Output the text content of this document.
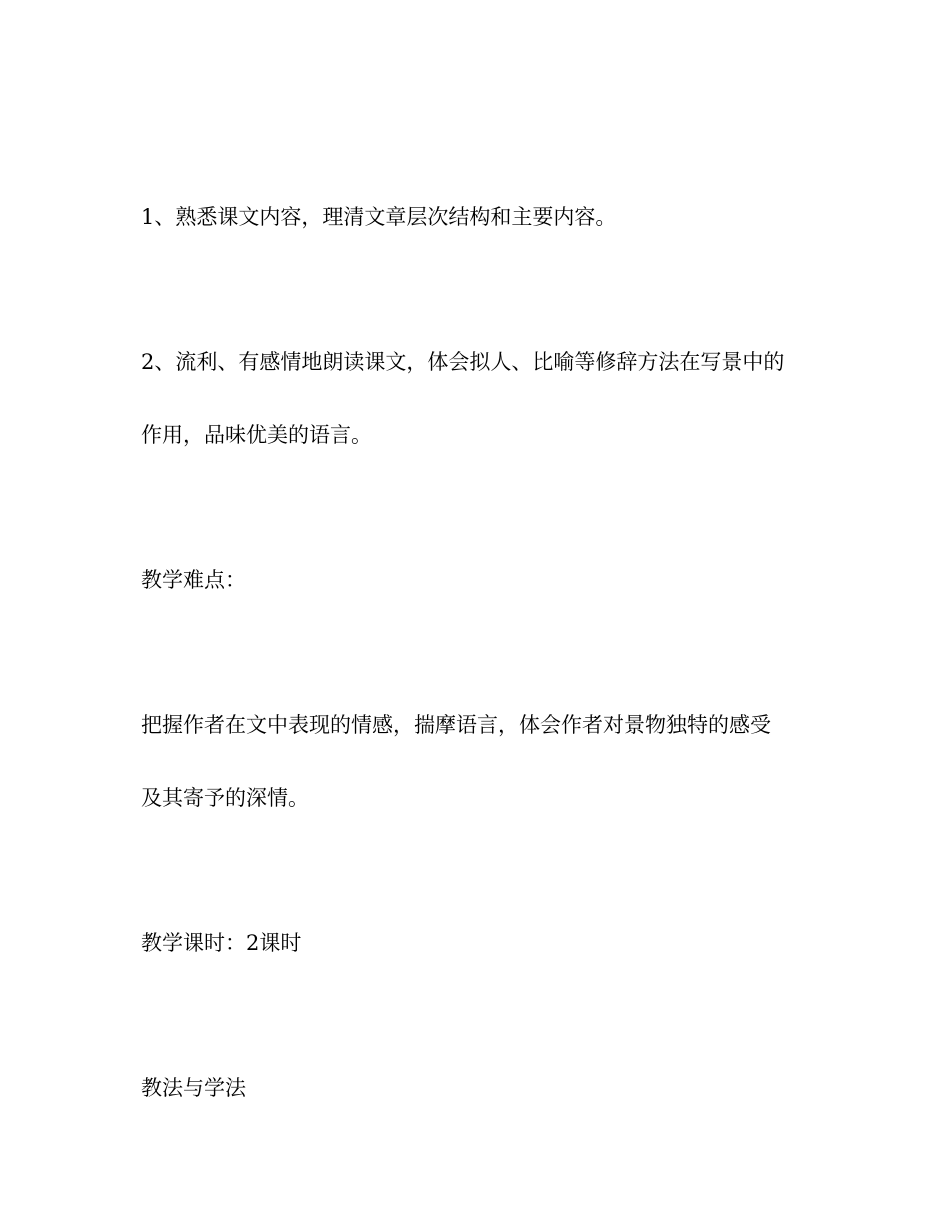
1、熟悉课文内容，理清文章层次结构和主要内容。
2、流利、有感情地朗读课文，体会拟人、比喻等修辞方法在写景中的
作用，品味优美的语言。
教学难点：
把握作者在文中表现的情感，揣摩语言，体会作者对景物独特的感受
及其寄予的深情。
教学课时：2课时
教法与学法
